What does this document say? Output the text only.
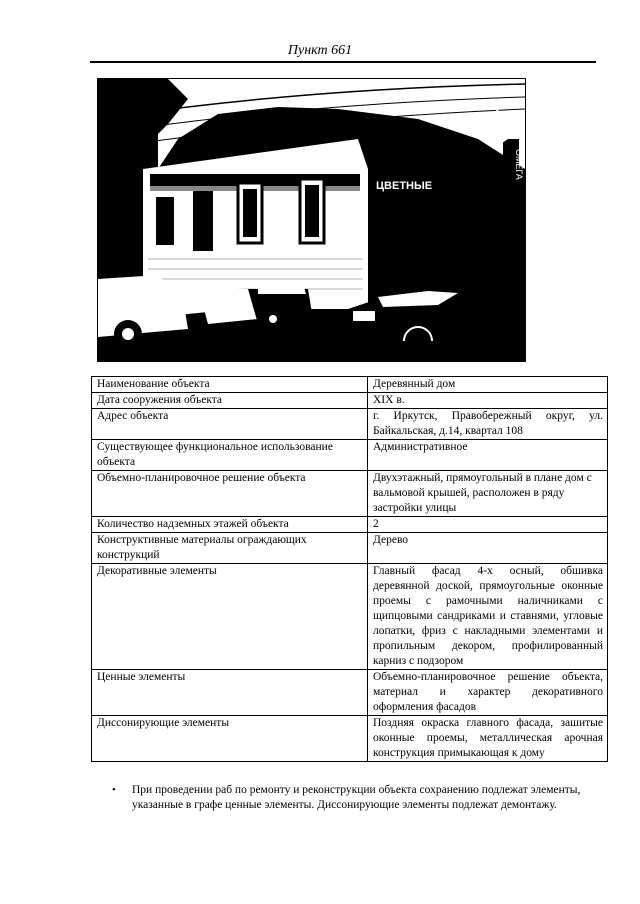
Пункт 661
ЦВЕТНЫЕ
ОМЕГА
Наименование объекта	Деревянный дом
Дата сооружения объекта	XIX в.
Адрес объекта	г. Иркутск, Правобережный округ, ул. Байкальская, д.14, квартал 108
Существующее функциональное использование объекта	Административное
Объемно-планировочное решение объекта	Двухэтажный, прямоугольный в плане дом с вальмовой крышей, расположен в ряду застройки улицы
Количество надземных этажей объекта	2
Конструктивные материалы ограждающих конструкций	Дерево
Декоративные элементы	Главный фасад 4-х осный, обшивка деревянной доской, прямоугольные оконные проемы с рамочными наличниками с щипцовыми сандриками и ставнями, угловые лопатки, фриз с накладными элементами и пропильным декором, профилированный карниз с подзором
Ценные элементы	Объемно-планировочное решение объекта, материал и характер декоративного оформления фасадов
Диссонирующие элементы	Поздняя окраска главного фасада, зашитые оконные проемы, металлическая арочная конструкция примыкающая к дому
• При проведении раб по ремонту и реконструкции объекта сохранению подлежат элементы, указанные в графе ценные элементы. Диссонирующие элементы подлежат демонтажу.
